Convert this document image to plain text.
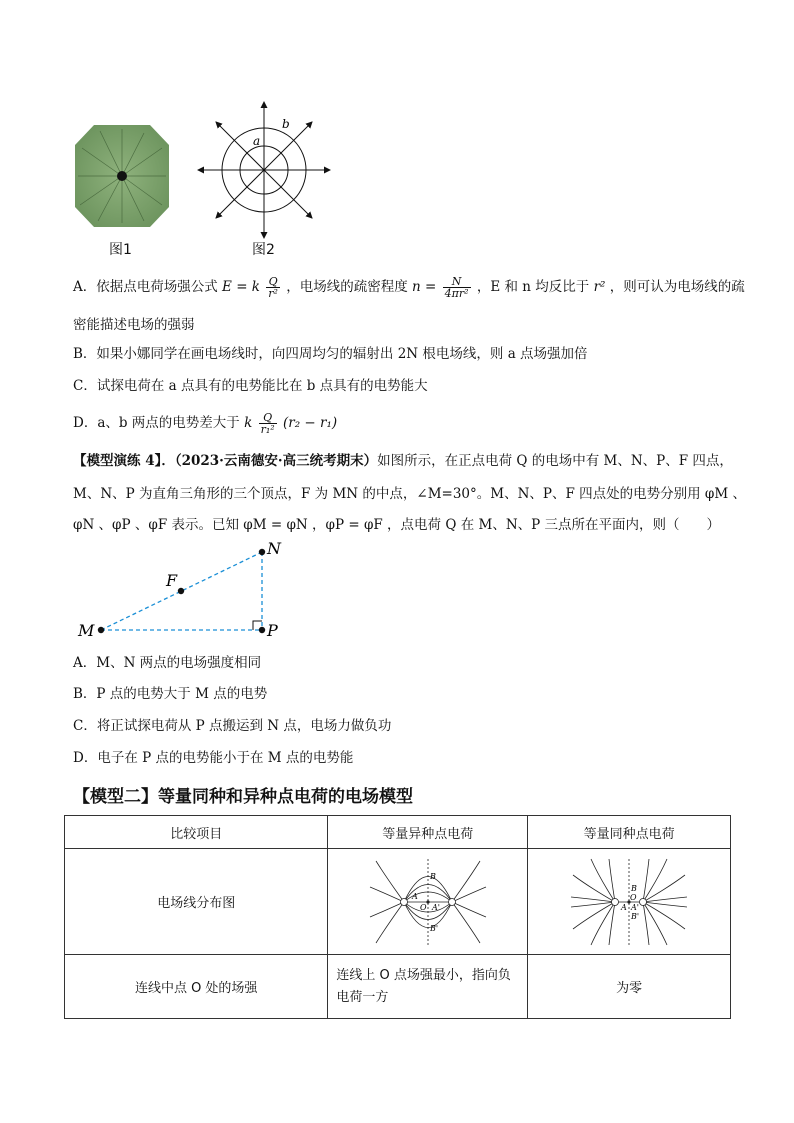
图1
a
b
图2
A．依据点电荷场强公式 E = k $\frac{Q}{\text{r²}}$ ，电场线的疏密程度 $n = \frac{N}{\text{4πr²}}$ ，E 和 n 均反比于 r² ，则可认为电场线的疏
密能描述电场的强弱
B．如果小娜同学在画电场线时，向四周均匀的辐射出 2N 根电场线，则 a 点场强加倍
C．试探电荷在 a 点具有的电势能比在 b 点具有的电势能大
D．a、b 两点的电势差大于 k $\frac{Q}{\text{r₁²}} (r_2 - r_1)$
【模型演练 4】．（2023·云南德安·高三统考期末）如图所示，在正点电荷 Q 的电场中有 M、N、P、F 四点，
M、N、P 为直角三角形的三个顶点，F 为 MN 的中点，∠M=30°。M、N、P、F 四点处的电势分别用 φM 、
φN 、φP 、φF 表示。已知 φM = φN ，φP = φF ，点电荷 Q 在 M、N、P 三点所在平面内，则（　　）
M
N
F
P
A．M、N 两点的电场强度相同
B．P 点的电势大于 M 点的电势
C．将正试探电荷从 P 点搬运到 N 点，电场力做负功
D．电子在 P 点的电势能小于在 M 点的电势能
【模型二】等量同种和异种点电荷的电场模型
比较项目	等量异种点电荷	等量同种点电荷
电场线分布图	B
A
O A'
B'	B
O
A A'
B'

连线中点 O 处的场强	连线上 O 点场强最小，指向负
电荷一方	为零
